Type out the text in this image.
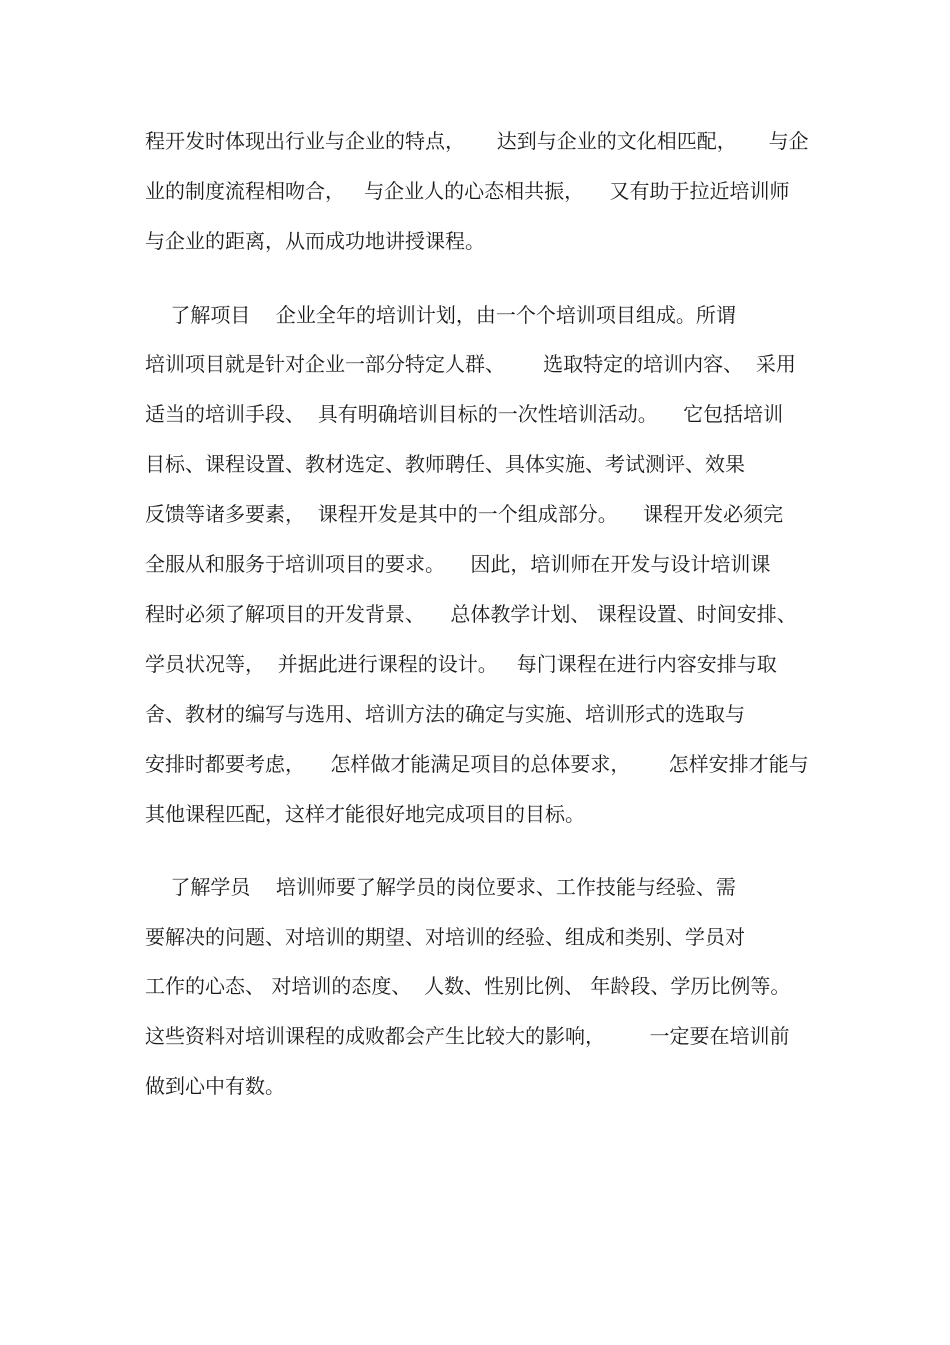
程开发时体现出行业与企业的特点，     达到与企业的文化相匹配，     与企
业的制度流程相吻合，   与企业人的心态相共振，    又有助于拉近培训师
与企业的距离，从而成功地讲授课程。
了解项目    企业全年的培训计划，由一个个培训项目组成。所谓
培训项目就是针对企业一部分特定人群、      选取特定的培训内容、  采用
适当的培训手段、  具有明确培训目标的一次性培训活动。    它包括培训
目标、课程设置、教材选定、教师聘任、具体实施、考试测评、效果
反馈等诸多要素，  课程开发是其中的一个组成部分。    课程开发必须完
全服从和服务于培训项目的要求。    因此，培训师在开发与设计培训课
程时必须了解项目的开发背景、    总体教学计划、 课程设置、时间安排、
学员状况等，  并据此进行课程的设计。   每门课程在进行内容安排与取
舍、教材的编写与选用、培训方法的确定与实施、培训形式的选取与
安排时都要考虑，    怎样做才能满足项目的总体要求，      怎样安排才能与
其他课程匹配，这样才能很好地完成项目的目标。
了解学员    培训师要了解学员的岗位要求、工作技能与经验、需
要解决的问题、对培训的期望、对培训的经验、组成和类别、学员对
工作的心态、 对培训的态度、  人数、性别比例、 年龄段、学历比例等。
这些资料对培训课程的成败都会产生比较大的影响，       一定要在培训前
做到心中有数。
